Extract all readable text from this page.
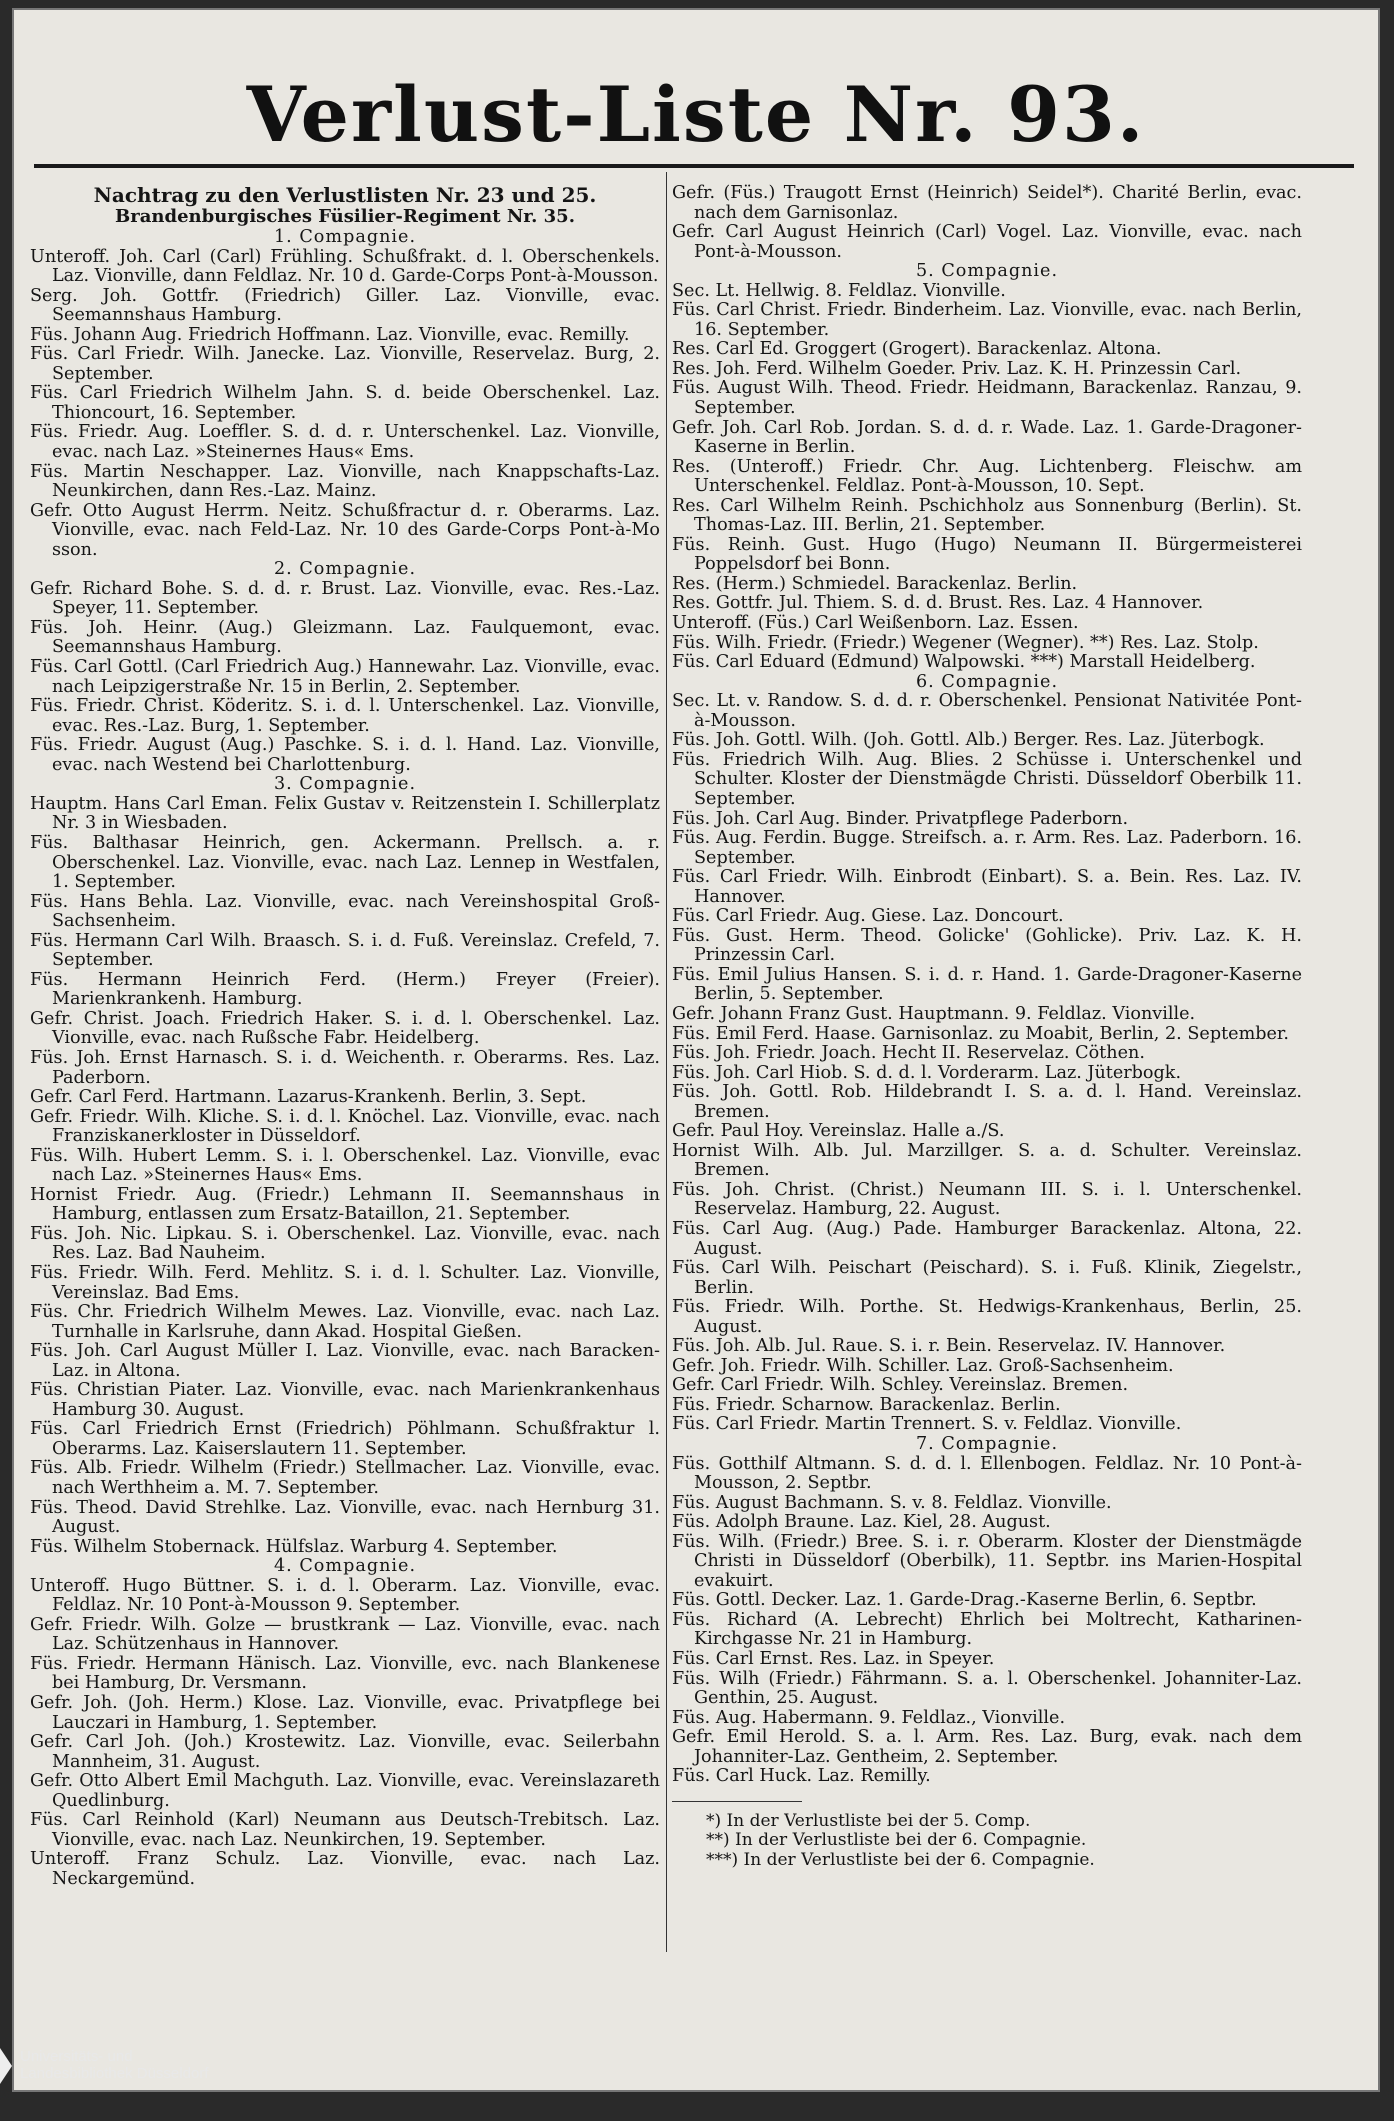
Verlust-Liste Nr. 93.
Nachtrag zu den Verlustlisten Nr. 23 und 25.
Brandenburgisches Füsilier-Regiment Nr. 35.
1. Compagnie.
Unteroff. Joh. Carl (Carl) Frühling. Schußfrakt. d. l. Oberschenkels. Laz. Vionville, dann Feldlaz. Nr. 10 d. Garde-Corps Pont-à-Mousson.
Serg. Joh. Gottfr. (Friedrich) Giller. Laz. Vionville, evac. Seemannshaus Hamburg.
Füs. Johann Aug. Friedrich Hoffmann. Laz. Vionville, evac. Remilly.
Füs. Carl Friedr. Wilh. Janecke. Laz. Vionville, Reservelaz. Burg, 2. September.
Füs. Carl Friedrich Wilhelm Jahn. S. d. beide Oberschenkel. Laz. Thioncourt, 16. September.
Füs. Friedr. Aug. Loeffler. S. d. d. r. Unterschenkel. Laz. Vionville, evac. nach Laz. »Steinernes Haus« Ems.
Füs. Martin Neschapper. Laz. Vionville, nach Knappschafts-Laz. Neunkirchen, dann Res.-Laz. Mainz.
Gefr. Otto August Herrm. Neitz. Schußfractur d. r. Oberarms. Laz. Vionville, evac. nach Feld-Laz. Nr. 10 des Garde-Corps Pont-à-Mo sson.
2. Compagnie.
Gefr. Richard Bohe. S. d. d. r. Brust. Laz. Vionville, evac. Res.-Laz. Speyer, 11. September.
Füs. Joh. Heinr. (Aug.) Gleizmann. Laz. Faulquemont, evac. Seemannshaus Hamburg.
Füs. Carl Gottl. (Carl Friedrich Aug.) Hannewahr. Laz. Vionville, evac. nach Leipzigerstraße Nr. 15 in Berlin, 2. September.
Füs. Friedr. Christ. Köderitz. S. i. d. l. Unterschenkel. Laz. Vionville, evac. Res.-Laz. Burg, 1. September.
Füs. Friedr. August (Aug.) Paschke. S. i. d. l. Hand. Laz. Vionville, evac. nach Westend bei Charlottenburg.
3. Compagnie.
Hauptm. Hans Carl Eman. Felix Gustav v. Reitzenstein I. Schillerplatz Nr. 3 in Wiesbaden.
Füs. Balthasar Heinrich, gen. Ackermann. Prellsch. a. r. Oberschenkel. Laz. Vionville, evac. nach Laz. Lennep in Westfalen, 1. September.
Füs. Hans Behla. Laz. Vionville, evac. nach Vereinshospital Groß-Sachsenheim.
Füs. Hermann Carl Wilh. Braasch. S. i. d. Fuß. Vereinslaz. Crefeld, 7. September.
Füs. Hermann Heinrich Ferd. (Herm.) Freyer (Freier). Marienkrankenh. Hamburg.
Gefr. Christ. Joach. Friedrich Haker. S. i. d. l. Oberschenkel. Laz. Vionville, evac. nach Rußsche Fabr. Heidelberg.
Füs. Joh. Ernst Harnasch. S. i. d. Weichenth. r. Oberarms. Res. Laz. Paderborn.
Gefr. Carl Ferd. Hartmann. Lazarus-Krankenh. Berlin, 3. Sept.
Gefr. Friedr. Wilh. Kliche. S. i. d. l. Knöchel. Laz. Vionville, evac. nach Franziskanerkloster in Düsseldorf.
Füs. Wilh. Hubert Lemm. S. i. l. Oberschenkel. Laz. Vionville, evac nach Laz. »Steinernes Haus« Ems.
Hornist Friedr. Aug. (Friedr.) Lehmann II. Seemannshaus in Hamburg, entlassen zum Ersatz-Bataillon, 21. September.
Füs. Joh. Nic. Lipkau. S. i. Oberschenkel. Laz. Vionville, evac. nach Res. Laz. Bad Nauheim.
Füs. Friedr. Wilh. Ferd. Mehlitz. S. i. d. l. Schulter. Laz. Vionville, Vereinslaz. Bad Ems.
Füs. Chr. Friedrich Wilhelm Mewes. Laz. Vionville, evac. nach Laz. Turnhalle in Karlsruhe, dann Akad. Hospital Gießen.
Füs. Joh. Carl August Müller I. Laz. Vionville, evac. nach Baracken-Laz. in Altona.
Füs. Christian Piater. Laz. Vionville, evac. nach Marienkrankenhaus Hamburg 30. August.
Füs. Carl Friedrich Ernst (Friedrich) Pöhlmann. Schußfraktur l. Oberarms. Laz. Kaiserslautern 11. September.
Füs. Alb. Friedr. Wilhelm (Friedr.) Stellmacher. Laz. Vionville, evac. nach Werthheim a. M. 7. September.
Füs. Theod. David Strehlke. Laz. Vionville, evac. nach Hernburg 31. August.
Füs. Wilhelm Stobernack. Hülfslaz. Warburg 4. September.
4. Compagnie.
Unteroff. Hugo Büttner. S. i. d. l. Oberarm. Laz. Vionville, evac. Feldlaz. Nr. 10 Pont-à-Mousson 9. September.
Gefr. Friedr. Wilh. Golze — brustkrank — Laz. Vionville, evac. nach Laz. Schützenhaus in Hannover.
Füs. Friedr. Hermann Hänisch. Laz. Vionville, evc. nach Blankenese bei Hamburg, Dr. Versmann.
Gefr. Joh. (Joh. Herm.) Klose. Laz. Vionville, evac. Privatpflege bei Lauczari in Hamburg, 1. September.
Gefr. Carl Joh. (Joh.) Krostewitz. Laz. Vionville, evac. Seilerbahn Mannheim, 31. August.
Gefr. Otto Albert Emil Machguth. Laz. Vionville, evac. Vereinslazareth Quedlinburg.
Füs. Carl Reinhold (Karl) Neumann aus Deutsch-Trebitsch. Laz. Vionville, evac. nach Laz. Neunkirchen, 19. September.
Unteroff. Franz Schulz. Laz. Vionville, evac. nach Laz. Neckargemünd.
Gefr. (Füs.) Traugott Ernst (Heinrich) Seidel*). Charité Berlin, evac. nach dem Garnisonlaz.
Gefr. Carl August Heinrich (Carl) Vogel. Laz. Vionville, evac. nach Pont-à-Mousson.
5. Compagnie.
Sec. Lt. Hellwig. 8. Feldlaz. Vionville.
Füs. Carl Christ. Friedr. Binderheim. Laz. Vionville, evac. nach Berlin, 16. September.
Res. Carl Ed. Groggert (Grogert). Barackenlaz. Altona.
Res. Joh. Ferd. Wilhelm Goeder. Priv. Laz. K. H. Prinzessin Carl.
Füs. August Wilh. Theod. Friedr. Heidmann, Barackenlaz. Ranzau, 9. September.
Gefr. Joh. Carl Rob. Jordan. S. d. d. r. Wade. Laz. 1. Garde-Dragoner-Kaserne in Berlin.
Res. (Unteroff.) Friedr. Chr. Aug. Lichtenberg. Fleischw. am Unterschenkel. Feldlaz. Pont-à-Mousson, 10. Sept.
Res. Carl Wilhelm Reinh. Pschichholz aus Sonnenburg (Berlin). St. Thomas-Laz. III. Berlin, 21. September.
Füs. Reinh. Gust. Hugo (Hugo) Neumann II. Bürgermeisterei Poppelsdorf bei Bonn.
Res. (Herm.) Schmiedel. Barackenlaz. Berlin.
Res. Gottfr. Jul. Thiem. S. d. d. Brust. Res. Laz. 4 Hannover.
Unteroff. (Füs.) Carl Weißenborn. Laz. Essen.
Füs. Wilh. Friedr. (Friedr.) Wegener (Wegner). **) Res. Laz. Stolp.
Füs. Carl Eduard (Edmund) Walpowski. ***) Marstall Heidelberg.
6. Compagnie.
Sec. Lt. v. Randow. S. d. d. r. Oberschenkel. Pensionat Nativitée Pont-à-Mousson.
Füs. Joh. Gottl. Wilh. (Joh. Gottl. Alb.) Berger. Res. Laz. Jüterbogk.
Füs. Friedrich Wilh. Aug. Blies. 2 Schüsse i. Unterschenkel und Schulter. Kloster der Dienstmägde Christi. Düsseldorf Oberbilk 11. September.
Füs. Joh. Carl Aug. Binder. Privatpflege Paderborn.
Füs. Aug. Ferdin. Bugge. Streifsch. a. r. Arm. Res. Laz. Paderborn. 16. September.
Füs. Carl Friedr. Wilh. Einbrodt (Einbart). S. a. Bein. Res. Laz. IV. Hannover.
Füs. Carl Friedr. Aug. Giese. Laz. Doncourt.
Füs. Gust. Herm. Theod. Golicke' (Gohlicke). Priv. Laz. K. H. Prinzessin Carl.
Füs. Emil Julius Hansen. S. i. d. r. Hand. 1. Garde-Dragoner-Kaserne Berlin, 5. September.
Gefr. Johann Franz Gust. Hauptmann. 9. Feldlaz. Vionville.
Füs. Emil Ferd. Haase. Garnisonlaz. zu Moabit, Berlin, 2. September.
Füs. Joh. Friedr. Joach. Hecht II. Reservelaz. Cöthen.
Füs. Joh. Carl Hiob. S. d. d. l. Vorderarm. Laz. Jüterbogk.
Füs. Joh. Gottl. Rob. Hildebrandt I. S. a. d. l. Hand. Vereinslaz. Bremen.
Gefr. Paul Hoy. Vereinslaz. Halle a./S.
Hornist Wilh. Alb. Jul. Marzillger. S. a. d. Schulter. Vereinslaz. Bremen.
Füs. Joh. Christ. (Christ.) Neumann III. S. i. l. Unterschenkel. Reservelaz. Hamburg, 22. August.
Füs. Carl Aug. (Aug.) Pade. Hamburger Barackenlaz. Altona, 22. August.
Füs. Carl Wilh. Peischart (Peischard). S. i. Fuß. Klinik, Ziegelstr., Berlin.
Füs. Friedr. Wilh. Porthe. St. Hedwigs-Krankenhaus, Berlin, 25. August.
Füs. Joh. Alb. Jul. Raue. S. i. r. Bein. Reservelaz. IV. Hannover.
Gefr. Joh. Friedr. Wilh. Schiller. Laz. Groß-Sachsenheim.
Gefr. Carl Friedr. Wilh. Schley. Vereinslaz. Bremen.
Füs. Friedr. Scharnow. Barackenlaz. Berlin.
Füs. Carl Friedr. Martin Trennert. S. v. Feldlaz. Vionville.
7. Compagnie.
Füs. Gotthilf Altmann. S. d. d. l. Ellenbogen. Feldlaz. Nr. 10 Pont-à-Mousson, 2. Septbr.
Füs. August Bachmann. S. v. 8. Feldlaz. Vionville.
Füs. Adolph Braune. Laz. Kiel, 28. August.
Füs. Wilh. (Friedr.) Bree. S. i. r. Oberarm. Kloster der Dienstmägde Christi in Düsseldorf (Oberbilk), 11. Septbr. ins Marien-Hospital evakuirt.
Füs. Gottl. Decker. Laz. 1. Garde-Drag.-Kaserne Berlin, 6. Septbr.
Füs. Richard (A. Lebrecht) Ehrlich bei Moltrecht, Katharinen-Kirchgasse Nr. 21 in Hamburg.
Füs. Carl Ernst. Res. Laz. in Speyer.
Füs. Wilh (Friedr.) Fährmann. S. a. l. Oberschenkel. Johanniter-Laz. Genthin, 25. August.
Füs. Aug. Habermann. 9. Feldlaz., Vionville.
Gefr. Emil Herold. S. a. l. Arm. Res. Laz. Burg, evak. nach dem Johanniter-Laz. Gentheim, 2. September.
Füs. Carl Huck. Laz. Remilly.
*) In der Verlustliste bei der 5. Comp.
**) In der Verlustliste bei der 6. Compagnie.
***) In der Verlustliste bei der 6. Compagnie.
Universitäts- und
Landesbibliothek Düsseldorf
